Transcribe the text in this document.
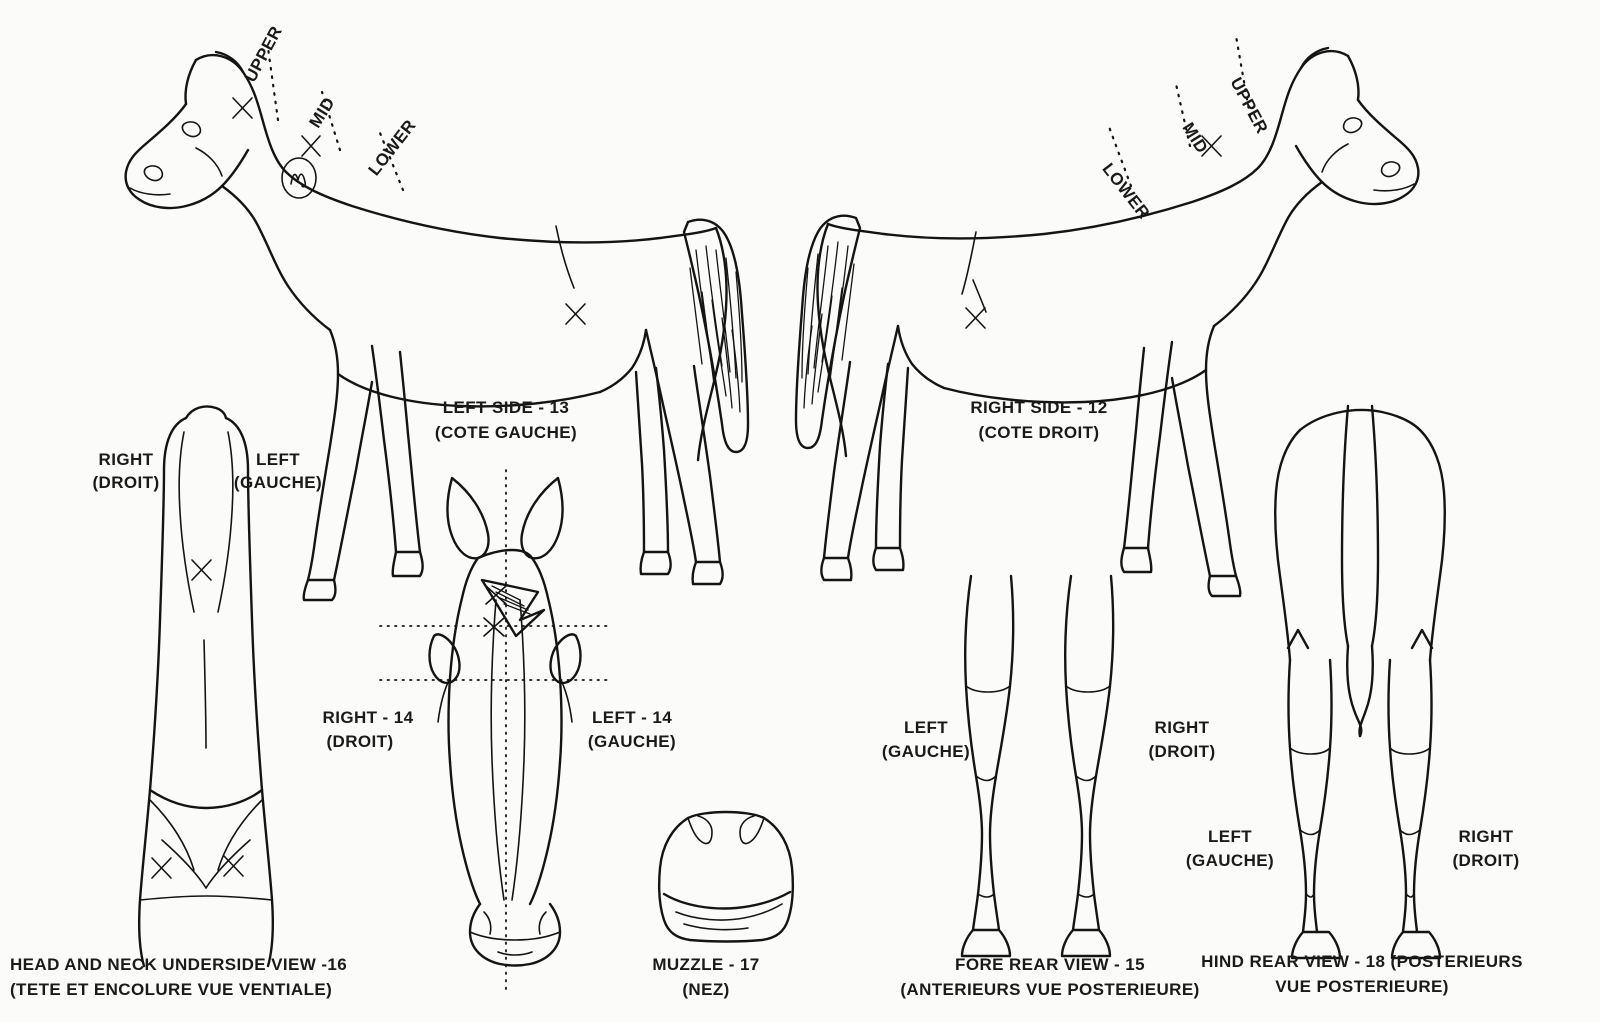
UPPER
MID
LOWER
UPPER
MID
LOWER
LEFT SIDE - 13
(COTE GAUCHE)
RIGHT SIDE - 12
(COTE DROIT)
RIGHT
(DROIT)
LEFT
(GAUCHE)
RIGHT - 14
(DROIT)
LEFT - 14
(GAUCHE)
HEAD AND NECK UNDERSIDE VIEW -16
(TETE ET ENCOLURE VUE VENTIALE)
MUZZLE - 17
(NEZ)
LEFT
(GAUCHE)
RIGHT
(DROIT)
FORE REAR VIEW - 15
(ANTERIEURS VUE POSTERIEURE)
LEFT
(GAUCHE)
RIGHT
(DROIT)
HIND REAR VIEW - 18 (POSTERIEURS
VUE POSTERIEURE)
